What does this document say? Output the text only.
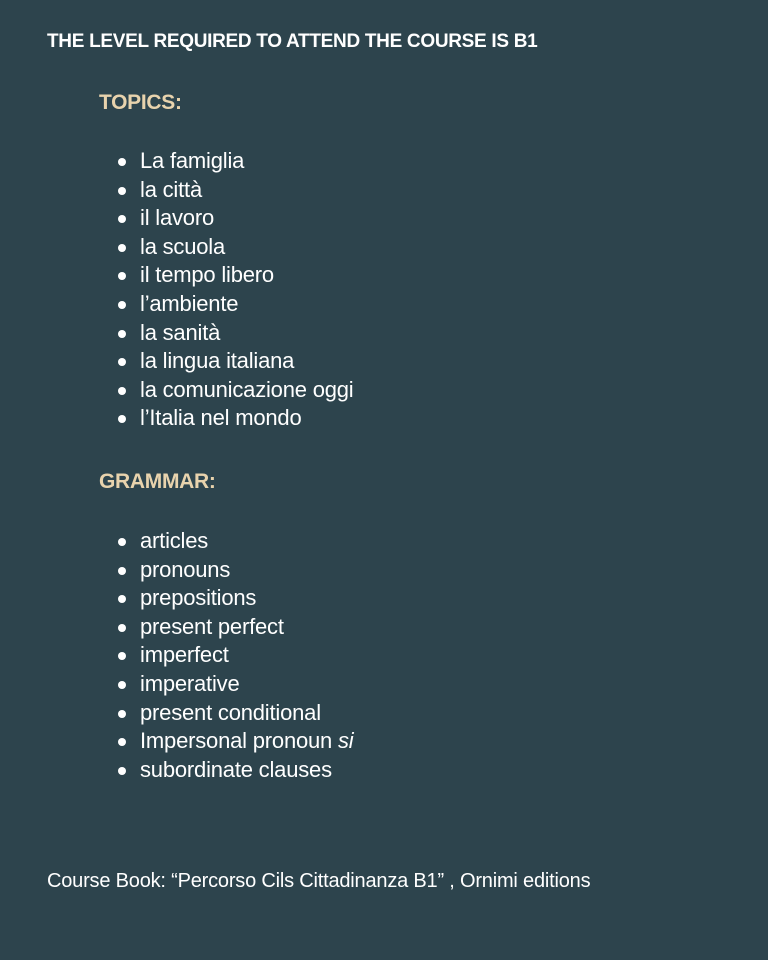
THE LEVEL REQUIRED TO ATTEND THE COURSE IS B1
TOPICS:
La famiglia
la città
il lavoro
la scuola
il tempo libero
l’ambiente
la sanità
la lingua italiana
la comunicazione oggi
l’Italia nel mondo
GRAMMAR:
articles
pronouns
prepositions
present perfect
imperfect
imperative
present conditional
Impersonal pronoun si
subordinate clauses
Course Book: “Percorso Cils Cittadinanza B1” , Ornimi editions
